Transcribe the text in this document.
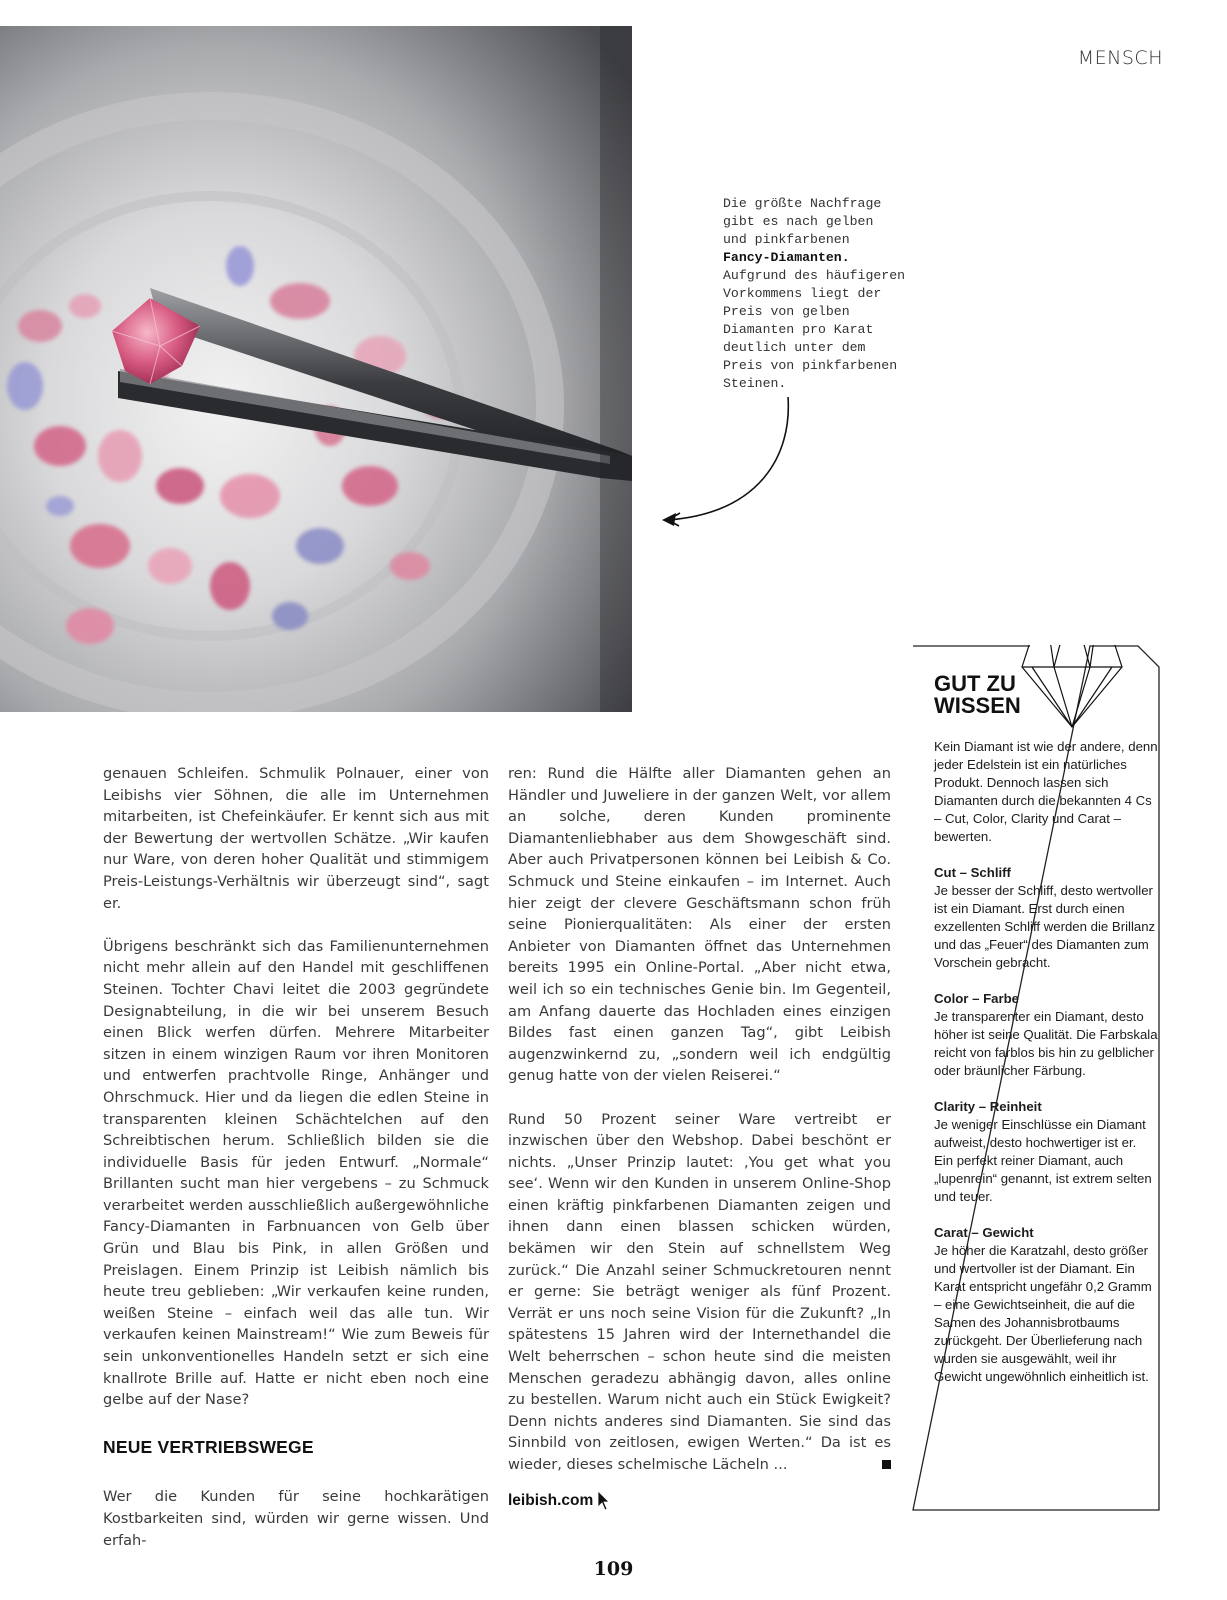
MENSCH
Die größte Nachfrage
gibt es nach gelben
und pinkfarbenen
Fancy-Diamanten.
Aufgrund des häufigeren
Vorkommens liegt der
Preis von gelben
Diamanten pro Karat
deutlich unter dem
Preis von pinkfarbenen
Steinen.

genauen Schleifen. Schmulik Polnauer, einer von Leibishs vier Söhnen, die alle im Unternehmen mitarbeiten, ist Chefeinkäufer. Er kennt sich aus mit der Bewertung der wertvollen Schätze. „Wir kaufen nur Ware, von deren hoher Qualität und stimmigem Preis-Leistungs-Verhältnis wir überzeugt sind“, sagt er.

Übrigens beschränkt sich das Familienunternehmen nicht mehr allein auf den Handel mit geschliffenen Steinen. Tochter Chavi leitet die 2003 gegründete Designabteilung, in die wir bei unserem Besuch einen Blick werfen dürfen. Mehrere Mitarbeiter sitzen in einem winzigen Raum vor ihren Monitoren und entwerfen prachtvolle Ringe, Anhänger und Ohrschmuck. Hier und da liegen die edlen Steine in transparenten kleinen Schächtelchen auf den Schreibtischen herum. Schließlich bilden sie die individuelle Basis für jeden Entwurf. „Normale“ Brillanten sucht man hier vergebens – zu Schmuck verarbeitet werden ausschließlich außergewöhnliche Fancy-Diamanten in Farbnuancen von Gelb über Grün und Blau bis Pink, in allen Größen und Preislagen. Einem Prinzip ist Leibish nämlich bis heute treu geblieben: „Wir verkaufen keine runden, weißen Steine – einfach weil das alle tun. Wir verkaufen keinen Mainstream!“ Wie zum Beweis für sein unkonventionelles Handeln setzt er sich eine knallrote Brille auf. Hatte er nicht eben noch eine gelbe auf der Nase?

NEUE VERTRIEBSWEGE

Wer die Kunden für seine hochkarätigen Kostbarkeiten sind, würden wir gerne wissen. Und erfah-

ren: Rund die Hälfte aller Diamanten gehen an Händler und Juweliere in der ganzen Welt, vor allem an solche, deren Kunden prominente Diamantenliebhaber aus dem Showgeschäft sind. Aber auch Privatpersonen können bei Leibish & Co. Schmuck und Steine einkaufen – im Internet. Auch hier zeigt der clevere Geschäftsmann schon früh seine Pionierqualitäten: Als einer der ersten Anbieter von Diamanten öffnet das Unternehmen bereits 1995 ein Online-Portal. „Aber nicht etwa, weil ich so ein technisches Genie bin. Im Gegenteil, am Anfang dauerte das Hochladen eines einzigen Bildes fast einen ganzen Tag“, gibt Leibish augenzwinkernd zu, „sondern weil ich endgültig genug hatte von der vielen Reiserei.“

Rund 50 Prozent seiner Ware vertreibt er inzwischen über den Webshop. Dabei beschönt er nichts. „Unser Prinzip lautet: ‚You get what you see‘. Wenn wir den Kunden in unserem Online-Shop einen kräftig pinkfarbenen Diamanten zeigen und ihnen dann einen blassen schicken würden, bekämen wir den Stein auf schnellstem Weg zurück.“ Die Anzahl seiner Schmuckretouren nennt er gerne: Sie beträgt weniger als fünf Prozent. Verrät er uns noch seine Vision für die Zukunft? „In spätestens 15 Jahren wird der Internethandel die Welt beherrschen – schon heute sind die meisten Menschen geradezu abhängig davon, alles online zu bestellen. Warum nicht auch ein Stück Ewigkeit? Denn nichts anderes sind Diamanten. Sie sind das Sinnbild von zeitlosen, ewigen Werten.“ Da ist es wieder, dieses schelmische Lächeln ...

leibish.com
GUT ZU
WISSEN

Kein Diamant ist wie der andere, denn jeder Edelstein ist ein natürliches Produkt. Dennoch lassen sich Diamanten durch die bekannten 4 Cs – Cut, Color, Clarity und Carat – bewerten.

Cut – Schliff
Je besser der Schliff, desto wertvoller ist ein Diamant. Erst durch einen exzellenten Schliff werden die Brillanz und das „Feuer“ des Diamanten zum Vorschein gebracht.

Color – Farbe
Je transparenter ein Diamant, desto höher ist seine Qualität. Die Farbskala reicht von farblos bis hin zu gelblicher oder bräunlicher Färbung.

Clarity – Reinheit
Je weniger Einschlüsse ein Diamant aufweist, desto hochwertiger ist er. Ein perfekt reiner Diamant, auch „lupenrein“ genannt, ist extrem selten und teuer.

Carat – Gewicht
Je höher die Karatzahl, desto größer und wertvoller ist der Diamant. Ein Karat entspricht ungefähr 0,2 Gramm – eine Gewichtseinheit, die auf die Samen des Johannisbrotbaums zurückgeht. Der Überlieferung nach wurden sie ausgewählt, weil ihr Gewicht ungewöhnlich einheitlich ist.

109
